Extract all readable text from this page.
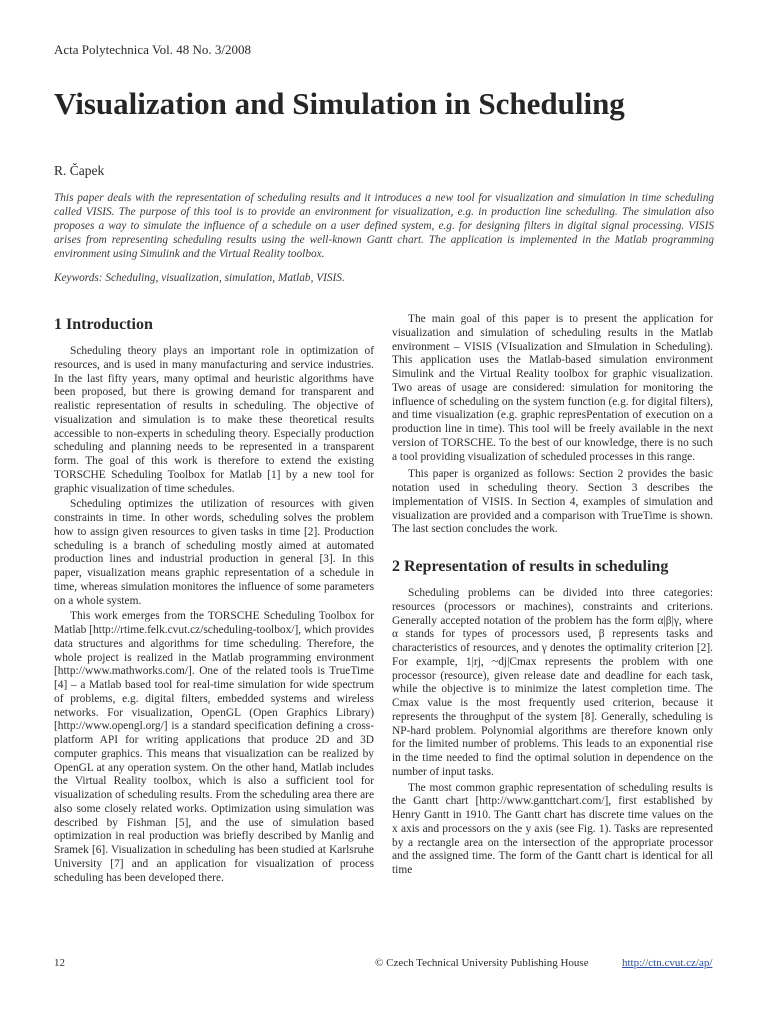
Acta Polytechnica Vol. 48 No. 3/2008
Visualization and Simulation in Scheduling
R. Čapek

This paper deals with the representation of scheduling results and it introduces a new tool for visualization and simulation in time scheduling called VISIS. The purpose of this tool is to provide an environment for visualization, e.g. in production line scheduling. The simulation also proposes a way to simulate the influence of a schedule on a user defined system, e.g. for designing filters in digital signal processing. VISIS arises from representing scheduling results using the well-known Gantt chart. The application is implemented in the Matlab programming environment using Simulink and the Virtual Reality toolbox.

Keywords: Scheduling, visualization, simulation, Matlab, VISIS.
1 Introduction

Scheduling theory plays an important role in optimization of resources, and is used in many manufacturing and service industries. In the last fifty years, many optimal and heuristic algorithms have been proposed, but there is growing demand for transparent and realistic representation of results in scheduling. The objective of visualization and simulation is to make these theoretical results accessible to non-experts in scheduling theory. Especially production scheduling and planning needs to be represented in a transparent form. The goal of this work is therefore to extend the existing TORSCHE Scheduling Toolbox for Matlab [1] by a new tool for graphic visualization of time schedules.

Scheduling optimizes the utilization of resources with given constraints in time. In other words, scheduling solves the problem how to assign given resources to given tasks in time [2]. Production scheduling is a branch of scheduling mostly aimed at automated production lines and industrial production in general [3]. In this paper, visualization means graphic representation of a schedule in time, whereas simulation monitores the influence of some parameters on a whole system.

This work emerges from the TORSCHE Scheduling Toolbox for Matlab [http://rtime.felk.cvut.cz/scheduling-toolbox/], which provides data structures and algorithms for time scheduling. Therefore, the whole project is realized in the Matlab programming environment [http://www.mathworks.com/]. One of the related tools is TrueTime [4] – a Matlab based tool for real-time simulation for wide spectrum of problems, e.g. digital filters, embedded systems and wireless networks. For visualization, OpenGL (Open Graphics Library) [http://www.opengl.org/] is a standard specification defining a cross-platform API for writing applications that produce 2D and 3D computer graphics. This means that visualization can be realized by OpenGL at any operation system. On the other hand, Matlab includes the Virtual Reality toolbox, which is also a sufficient tool for visualization of scheduling results. From the scheduling area there are also some closely related works. Optimization using simulation was described by Fishman [5], and the use of simulation based optimization in real production was briefly described by Manlig and Sramek [6]. Visualization in scheduling has been studied at Karlsruhe University [7] and an application for visualization of process scheduling has been developed there.

The main goal of this paper is to present the application for visualization and simulation of scheduling results in the Matlab environment – VISIS (VIsualization and SImulation in Scheduling). This application uses the Matlab-based simulation environment Simulink and the Virtual Reality toolbox for graphic visualization. Two areas of usage are considered: simulation for monitoring the influence of scheduling on the system function (e.g. for digital filters), and time visualization (e.g. graphic represPentation of execution on a production line in time). This tool will be freely available in the next version of TORSCHE. To the best of our knowledge, there is no such a tool providing visualization of scheduled processes in this range.

This paper is organized as follows: Section 2 provides the basic notation used in scheduling theory. Section 3 describes the implementation of VISIS. In Section 4, examples of simulation and visualization are provided and a comparison with TrueTime is shown. The last section concludes the work.

2 Representation of results in scheduling

Scheduling problems can be divided into three categories: resources (processors or machines), constraints and criterions. Generally accepted notation of the problem has the form α|β|γ, where α stands for types of processors used, β represents tasks and characteristics of resources, and γ denotes the optimality criterion [2]. For example, 1|rj, ~dj|Cmax represents the problem with one processor (resource), given release date and deadline for each task, while the objective is to minimize the latest completion time. The Cmax value is the most frequently used criterion, because it represents the throughput of the system [8]. Generally, scheduling is NP-hard problem. Polynomial algorithms are therefore known only for the limited number of problems. This leads to an exponential rise in the time needed to find the optimal solution in dependence on the number of input tasks.

The most common graphic representation of scheduling results is the Gantt chart [http://www.ganttchart.com/], first established by Henry Gantt in 1910. The Gantt chart has discrete time values on the x axis and processors on the y axis (see Fig. 1). Tasks are represented by a rectangle area on the intersection of the appropriate processor and the assigned time. The form of the Gantt chart is identical for all time

12	© Czech Technical University Publishing House	http://ctn.cvut.cz/ap/
